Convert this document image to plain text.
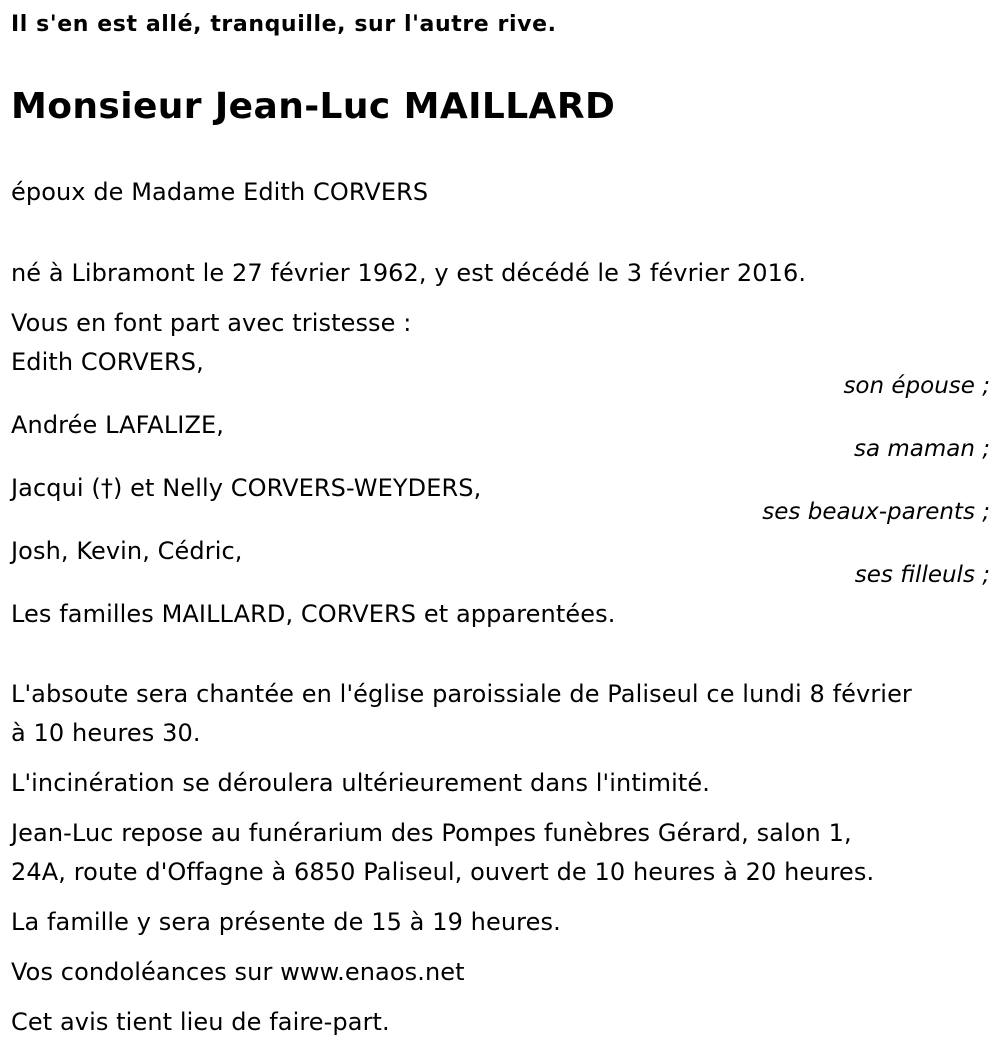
Il s'en est allé, tranquille, sur l'autre rive.
Monsieur Jean-Luc MAILLARD
époux de Madame Edith CORVERS
né à Libramont le 27 février 1962, y est décédé le 3 février 2016.
Vous en font part avec tristesse :
Edith CORVERS,
son épouse ;
Andrée LAFALIZE,
sa maman ;
Jacqui (†) et Nelly CORVERS-WEYDERS,
ses beaux-parents ;
Josh, Kevin, Cédric,
ses filleuls ;
Les familles MAILLARD, CORVERS et apparentées.
L'absoute sera chantée en l'église paroissiale de Paliseul ce lundi 8 février
à 10 heures 30.
L'incinération se déroulera ultérieurement dans l'intimité.
Jean-Luc repose au funérarium des Pompes funèbres Gérard, salon 1,
24A, route d'Offagne à 6850 Paliseul, ouvert de 10 heures à 20 heures.
La famille y sera présente de 15 à 19 heures.
Vos condoléances sur www.enaos.net
Cet avis tient lieu de faire-part.
